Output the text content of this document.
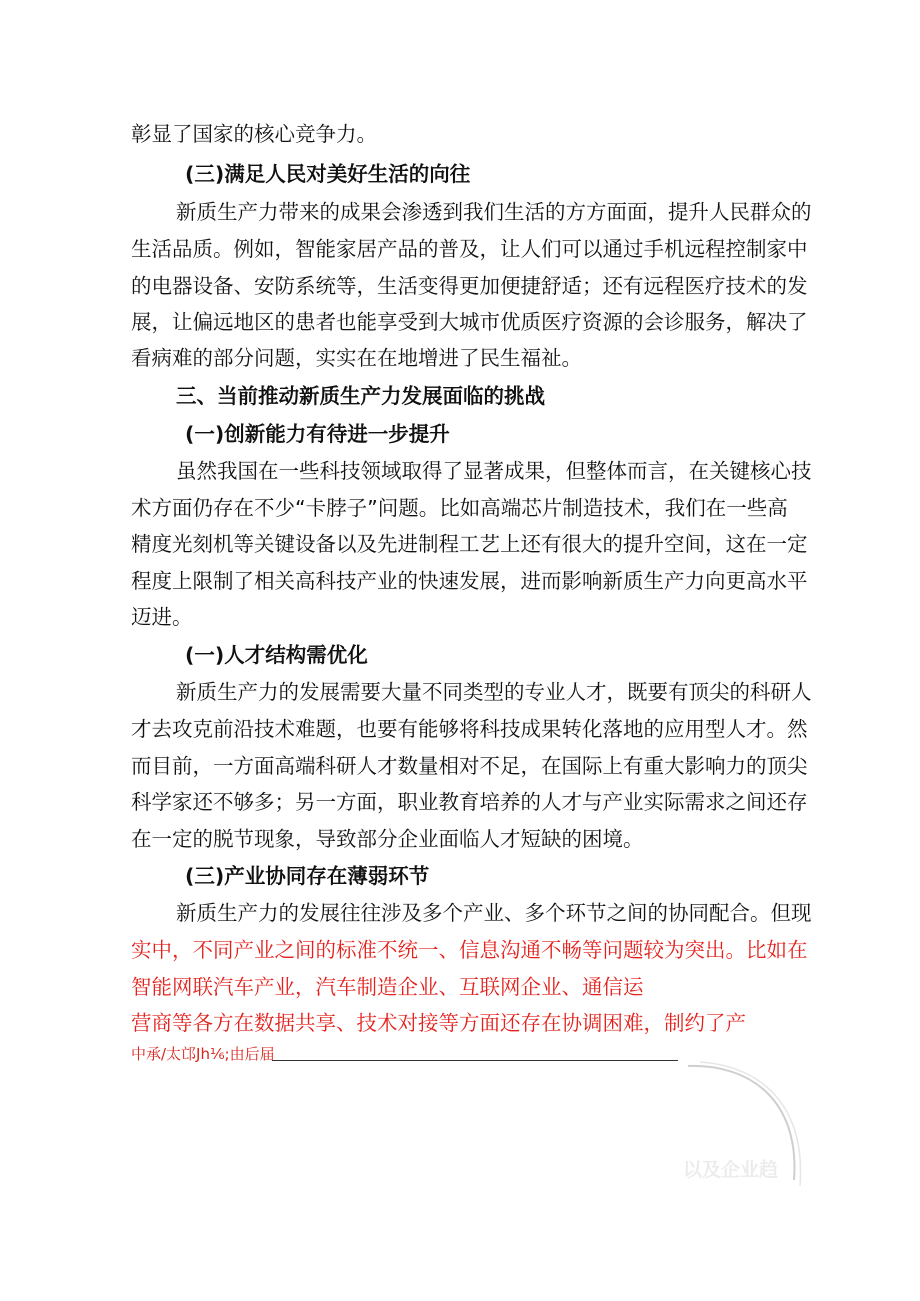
彰显了国家的核心竞争力。
(三)满足人民对美好生活的向往
新质生产力带来的成果会渗透到我们生活的方方面面，提升人民群众的
生活品质。例如，智能家居产品的普及，让人们可以通过手机远程控制家中
的电器设备、安防系统等，生活变得更加便捷舒适；还有远程医疗技术的发
展，让偏远地区的患者也能享受到大城市优质医疗资源的会诊服务，解决了
看病难的部分问题，实实在在地增进了民生福祉。
三、当前推动新质生产力发展面临的挑战
(一)创新能力有待进一步提升
虽然我国在一些科技领域取得了显著成果，但整体而言，在关键核心技
术方面仍存在不少“卡脖子”问题。比如高端芯片制造技术，我们在一些高
精度光刻机等关键设备以及先进制程工艺上还有很大的提升空间，这在一定
程度上限制了相关高科技产业的快速发展，进而影响新质生产力向更高水平
迈进。
(一)人才结构需优化
新质生产力的发展需要大量不同类型的专业人才，既要有顶尖的科研人
才去攻克前沿技术难题，也要有能够将科技成果转化落地的应用型人才。然
而目前，一方面高端科研人才数量相对不足，在国际上有重大影响力的顶尖
科学家还不够多；另一方面，职业教育培养的人才与产业实际需求之间还存
在一定的脱节现象，导致部分企业面临人才短缺的困境。
(三)产业协同存在薄弱环节
新质生产力的发展往往涉及多个产业、多个环节之间的协同配合。但现
实中，不同产业之间的标准不统一、信息沟通不畅等问题较为突出。比如在
智能网联汽车产业，汽车制造企业、互联网企业、通信运
营商等各方在数据共享、技术对接等方面还存在协调困难，制约了产
中承/太邙Jh⅙;由后届
以及企业趋
